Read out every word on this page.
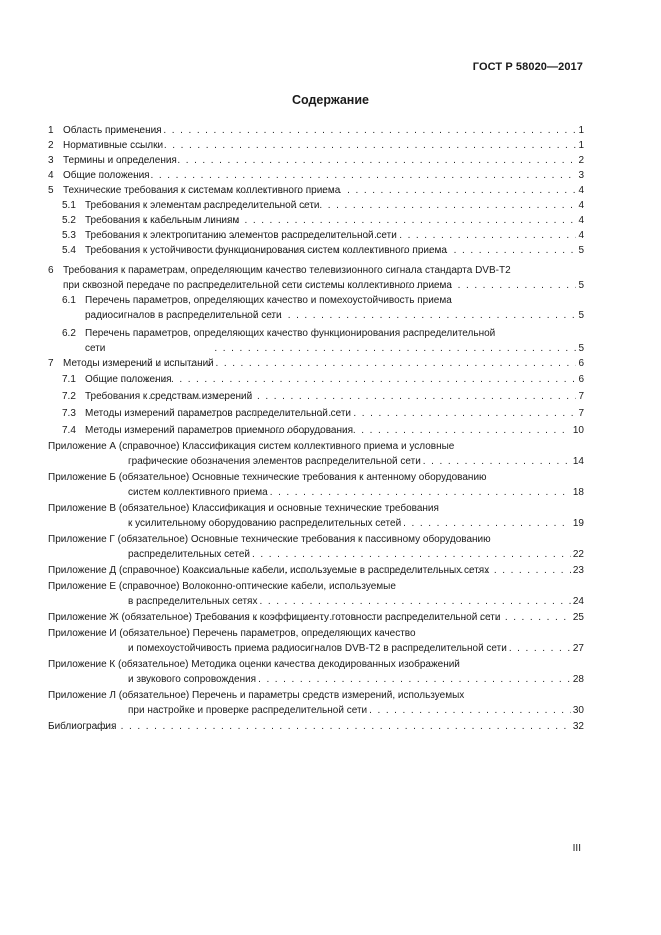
ГОСТ Р 58020—2017
Содержание
1 Область применения . . .	1
2 Нормативные ссылки . . .	1
3 Термины и определения . . .	2
4 Общие положения . . .	3
5 Технические требования к системам коллективного приема . . .	4
5.1 Требования к элементам распределительной сети . . .	4
5.2 Требования к кабельным линиям . . .	4
5.3 Требования к электропитанию элементов распределительной сети . . .	4
5.4 Требования к устойчивости функционирования систем коллективного приема . . .	5
6 Требования к параметрам, определяющим качество телевизионного сигнала стандарта DVB-T2
при сквозной передаче по распределительной сети системы коллективного приема . . .	5
6.1 Перечень параметров, определяющих качество и помехоустойчивость приема
радиосигналов в распределительной сети . . .	5
6.2 Перечень параметров, определяющих качество функционирования распределительной
сети . . .	5
7 Методы измерений и испытаний . . .	6
7.1 Общие положения . . .	6
7.2 Требования к средствам измерений . . .	7
7.3 Методы измерений параметров распределительной сети . . .	7
7.4 Методы измерений параметров приемного оборудования . . .	10
Приложение А (справочное) Классификация систем коллективного приема и условные
графические обозначения элементов распределительной сети . . .	14
Приложение Б (обязательное) Основные технические требования к антенному оборудованию
систем коллективного приема . . .	18
Приложение В (обязательное) Классификация и основные технические требования
к усилительному оборудованию распределительных сетей . . .	19
Приложение Г (обязательное) Основные технические требования к пассивному оборудованию
распределительных сетей . . .	22
Приложение Д (справочное) Коаксиальные кабели, используемые в распределительных сетях . . .	23
Приложение Е (справочное) Волоконно-оптические кабели, используемые
в распределительных сетях . . .	24
Приложение Ж (обязательное) Требования к коэффициенту готовности распределительной сети . . .	25
Приложение И (обязательное) Перечень параметров, определяющих качество
и помехоустойчивость приема радиосигналов DVB-T2 в распределительной сети . . .	27
Приложение К (обязательное) Методика оценки качества декодированных изображений
и звукового сопровождения . . .	28
Приложение Л (обязательное) Перечень и параметры средств измерений, используемых
при настройке и проверке распределительной сети . . .	30
Библиография . . .	32
III
